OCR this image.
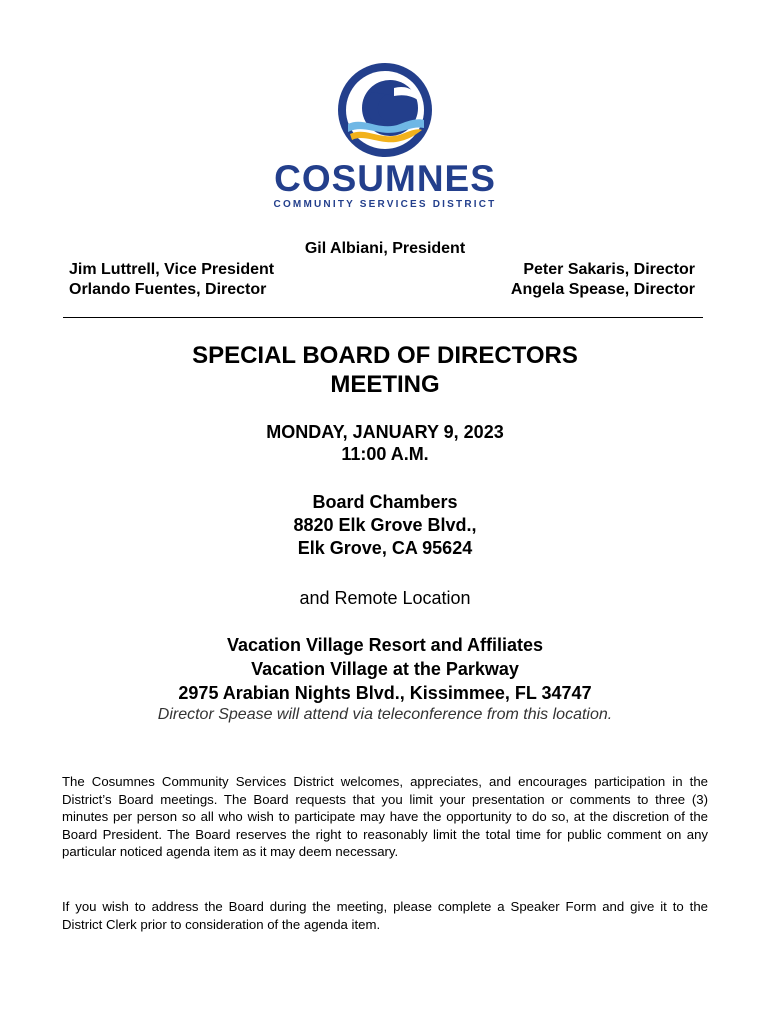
COSUMNES
COMMUNITY SERVICES DISTRICT
Gil Albiani, President
Jim Luttrell, Vice President
Orlando Fuentes, Director
Peter Sakaris, Director
Angela Spease, Director
SPECIAL BOARD OF DIRECTORS
MEETING
MONDAY, JANUARY 9, 2023
11:00 A.M.
Board Chambers
8820 Elk Grove Blvd.,
Elk Grove, CA 95624
and Remote Location
Vacation Village Resort and Affiliates
Vacation Village at the Parkway
2975 Arabian Nights Blvd., Kissimmee, FL 34747
Director Spease will attend via teleconference from this location.
The Cosumnes Community Services District welcomes, appreciates, and encourages participation in the District’s Board meetings. The Board requests that you limit your presentation or comments to three (3) minutes per person so all who wish to participate may have the opportunity to do so, at the discretion of the Board President. The Board reserves the right to reasonably limit the total time for public comment on any particular noticed agenda item as it may deem necessary.
If you wish to address the Board during the meeting, please complete a Speaker Form and give it to the District Clerk prior to consideration of the agenda item.
